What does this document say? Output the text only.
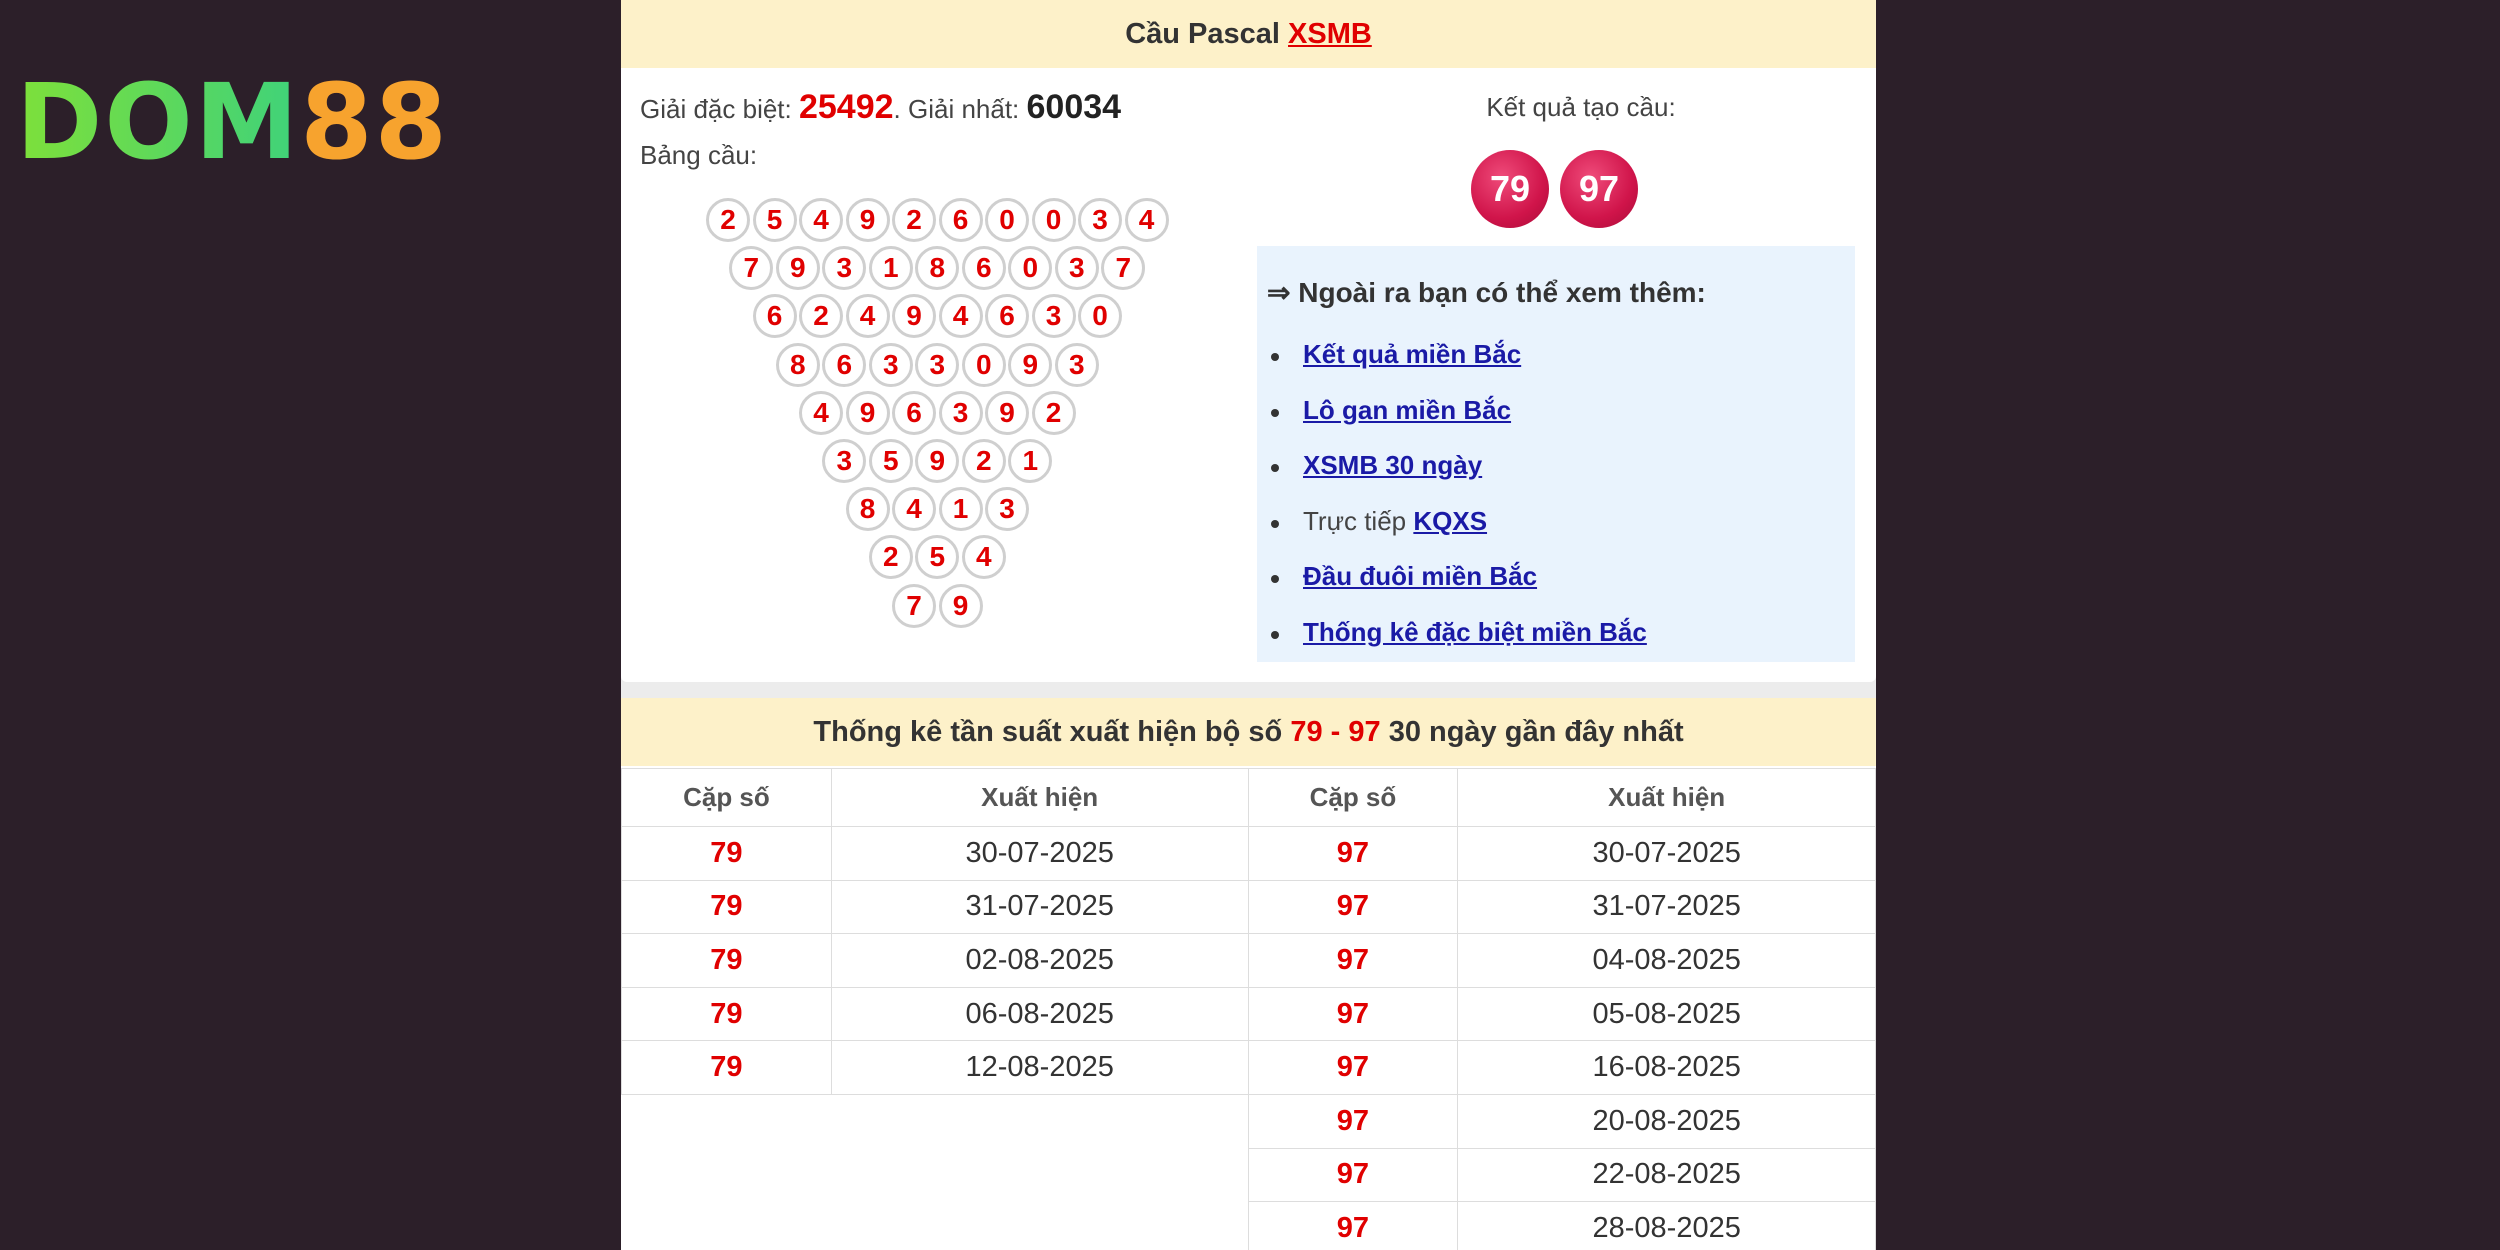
DOM88
Cầu Pascal XSMB
Giải đặc biệt: 25492. Giải nhất: 60034
Bảng cầu:
2	5	4	9	2	6	0	0	3	4
7	9	3	1	8	6	0	3	7
6	2	4	9	4	6	3	0
8	6	3	3	0	9	3
4	9	6	3	9	2
3	5	9	2	1
8	4	1	3
2	5	4
7	9
Kết quả tạo cầu:
79	97
⇒ Ngoài ra bạn có thể xem thêm:
Kết quả miền Bắc
Lô gan miền Bắc
XSMB 30 ngày
Trực tiếp KQXS
Đầu đuôi miền Bắc
Thống kê đặc biệt miền Bắc
Thống kê tần suất xuất hiện bộ số 79 - 97 30 ngày gần đây nhất
Cặp số	Xuất hiện	Cặp số	Xuất hiện
79	30-07-2025	97	30-07-2025
79	31-07-2025	97	31-07-2025
79	02-08-2025	97	04-08-2025
79	06-08-2025	97	05-08-2025
79	12-08-2025	97	16-08-2025
		97	20-08-2025
		97	22-08-2025
		97	28-08-2025
